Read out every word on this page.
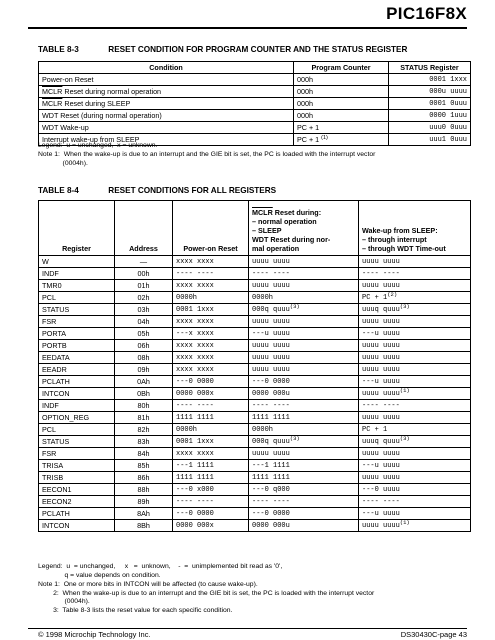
PIC16F8X
TABLE 8-3	RESET CONDITION FOR PROGRAM COUNTER AND THE STATUS REGISTER
Condition	Program Counter	STATUS Register
Power-on Reset	000h	0001 1xxx
MCLR Reset during normal operation	000h	000u uuuu
MCLR Reset during SLEEP	000h	0001 0uuu
WDT Reset (during normal operation)	000h	0000 1uuu
WDT Wake-up	PC + 1	uuu0 0uuu
Interrupt wake-up from SLEEP	PC + 1 $^{(1)}$	uuu1 0uuu
Legend:  u = unchanged,  x = unknown.
Note 1:  When the wake-up is due to an interrupt and the GIE bit is set, the PC is loaded with the interrupt vector
(0004h).
TABLE 8-4	RESET CONDITIONS FOR ALL REGISTERS
Register	Address	Power-on Reset	MCLR Reset during:
– normal operation
– SLEEP
WDT Reset during nor-
mal operation	Wake-up from SLEEP:
– through interrupt
– through WDT Time-out
W	—	xxxx xxxx	uuuu uuuu	uuuu uuuu
INDF	00h	---- ----	---- ----	---- ----
TMR0	01h	xxxx xxxx	uuuu uuuu	uuuu uuuu
PCL	02h	0000h	0000h	PC + $1^{(2)}$
STATUS	03h	0001 1xxx	000q quuu$^{(3)}$	uuuq quuu$^{(3)}$
FSR	04h	xxxx xxxx	uuuu uuuu	uuuu uuuu
PORTA	05h	---x xxxx	---u uuuu	---u uuuu
PORTB	06h	xxxx xxxx	uuuu uuuu	uuuu uuuu
EEDATA	08h	xxxx xxxx	uuuu uuuu	uuuu uuuu
EEADR	09h	xxxx xxxx	uuuu uuuu	uuuu uuuu
PCLATH	0Ah	---0 0000	---0 0000	---u uuuu
INTCON	0Bh	0000 000x	0000 000u	uuuu uuuu$^{(1)}$
INDF	80h	---- ----	---- ----	---- ----
OPTION_REG	81h	1111 1111	1111 1111	uuuu uuuu
PCL	82h	0000h	0000h	PC + 1
STATUS	83h	0001 1xxx	000q quuu$^{(3)}$	uuuq quuu$^{(3)}$
FSR	84h	xxxx xxxx	uuuu uuuu	uuuu uuuu
TRISA	85h	---1 1111	---1 1111	---u uuuu
TRISB	86h	1111 1111	1111 1111	uuuu uuuu
EECON1	88h	---0 x000	---0 q000	---0 uuuu
EECON2	89h	---- ----	---- ----	---- ----
PCLATH	8Ah	---0 0000	---0 0000	---u uuuu
INTCON	8Bh	0000 000x	0000 000u	uuuu uuuu$^{(1)}$
Legend:  u  = unchanged,     x   =  unknown,    -  =  unimplemented bit read as '0',
q = value depends on condition.
Note 1:  One or more bits in INTCON will be affected (to cause wake-up).
2:  When the wake-up is due to an interrupt and the GIE bit is set, the PC is loaded with the interrupt vector
(0004h).
3:  Table 8-3 lists the reset value for each specific condition.
© 1998 Microchip Technology Inc.	DS30430C-page 43
